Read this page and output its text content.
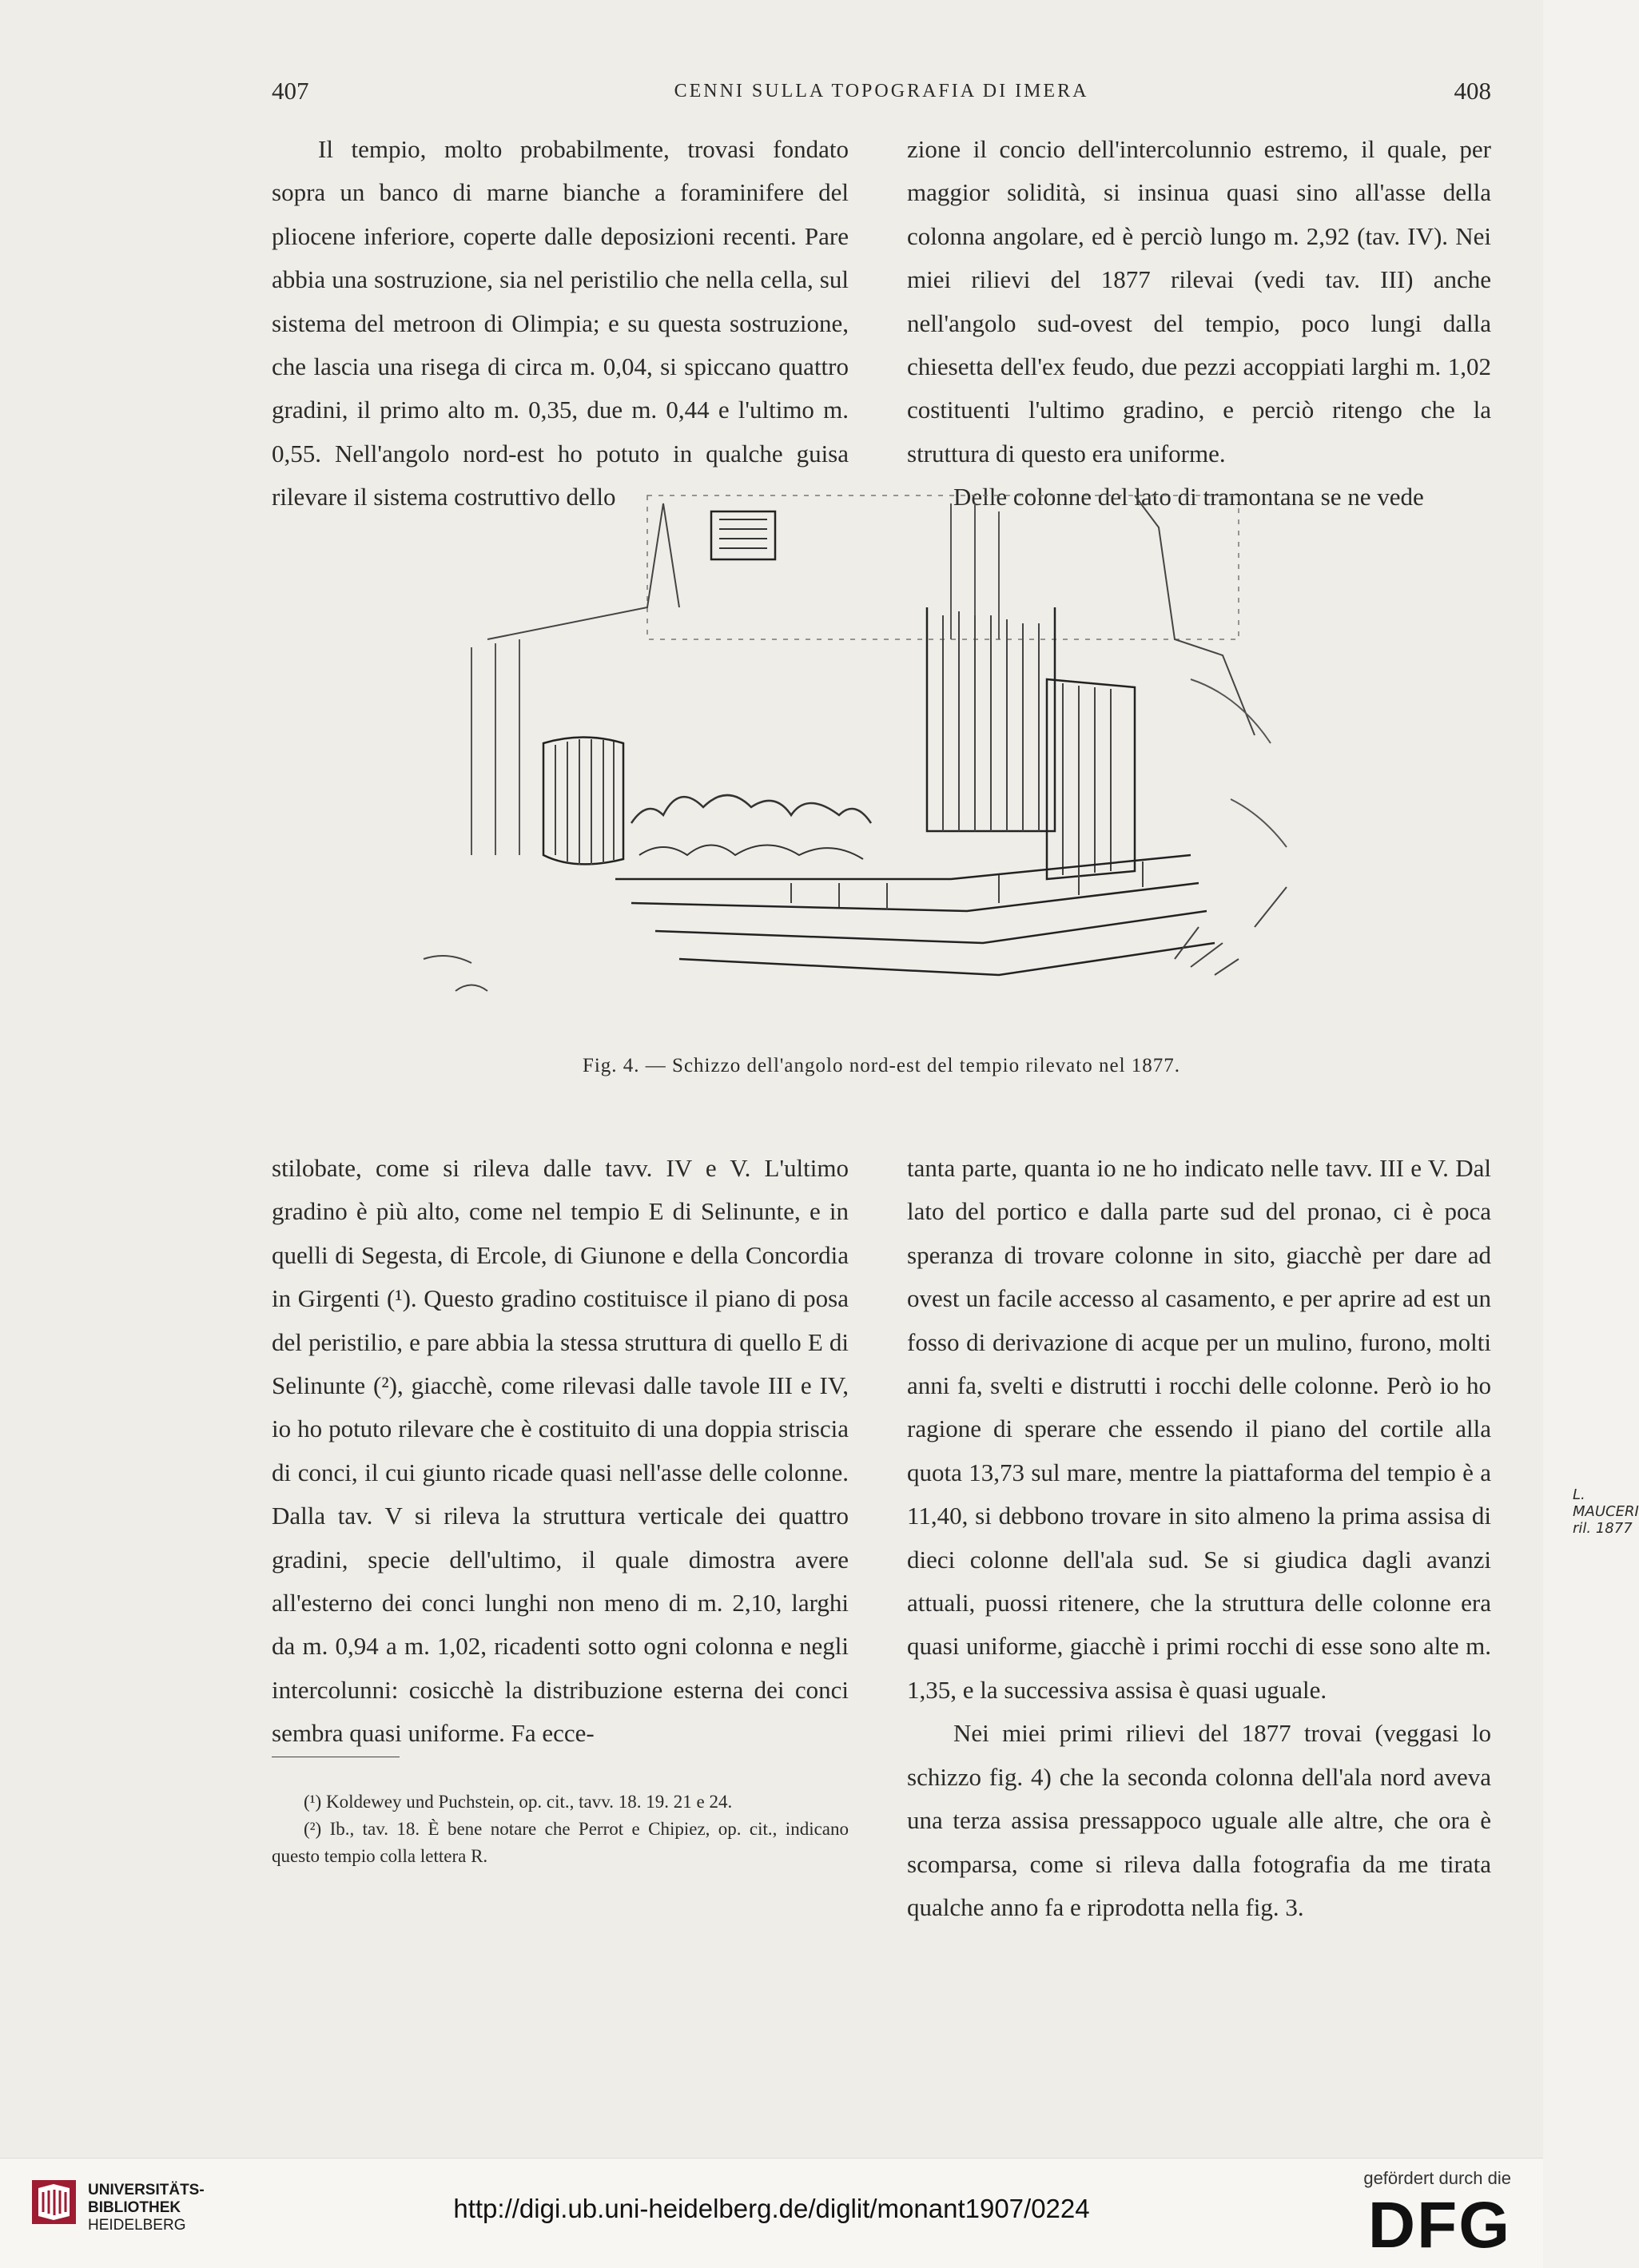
407	CENNI SULLA TOPOGRAFIA DI IMERA	408

Il tempio, molto probabilmente, trovasi fondato sopra un banco di marne bianche a foraminifere del pliocene inferiore, coperte dalle deposizioni recenti. Pare abbia una sostruzione, sia nel peristilio che nella cella, sul sistema del metroon di Olimpia; e su questa sostruzione, che lascia una risega di circa m. 0,04, si spiccano quattro gradini, il primo alto m. 0,35, due m. 0,44 e l'ultimo m. 0,55. Nell'angolo nord-est ho potuto in qualche guisa rilevare il sistema costruttivo dello

zione il concio dell'intercolunnio estremo, il quale, per maggior solidità, si insinua quasi sino all'asse della colonna angolare, ed è perciò lungo m. 2,92 (tav. IV). Nei miei rilievi del 1877 rilevai (vedi tav. III) anche nell'angolo sud-ovest del tempio, poco lungi dalla chiesetta dell'ex feudo, due pezzi accoppiati larghi m. 1,02 costituenti l'ultimo gradino, e perciò ritengo che la struttura di questo era uniforme.

Delle colonne del lato di tramontana se ne vede

L. MAUCERI ril. 1877
Fig. 4. — Schizzo dell'angolo nord-est del tempio rilevato nel 1877.

stilobate, come si rileva dalle tavv. IV e V. L'ultimo gradino è più alto, come nel tempio E di Selinunte, e in quelli di Segesta, di Ercole, di Giunone e della Concordia in Girgenti (¹). Questo gradino costituisce il piano di posa del peristilio, e pare abbia la stessa struttura di quello E di Selinunte (²), giacchè, come rilevasi dalle tavole III e IV, io ho potuto rilevare che è costituito di una doppia striscia di conci, il cui giunto ricade quasi nell'asse delle colonne. Dalla tav. V si rileva la struttura verticale dei quattro gradini, specie dell'ultimo, il quale dimostra avere all'esterno dei conci lunghi non meno di m. 2,10, larghi da m. 0,94 a m. 1,02, ricadenti sotto ogni colonna e negli intercolunni: cosicchè la distribuzione esterna dei conci sembra quasi uniforme. Fa ecce-

tanta parte, quanta io ne ho indicato nelle tavv. III e V. Dal lato del portico e dalla parte sud del pronao, ci è poca speranza di trovare colonne in sito, giacchè per dare ad ovest un facile accesso al casamento, e per aprire ad est un fosso di derivazione di acque per un mulino, furono, molti anni fa, svelti e distrutti i rocchi delle colonne. Però io ho ragione di sperare che essendo il piano del cortile alla quota 13,73 sul mare, mentre la piattaforma del tempio è a 11,40, si debbono trovare in sito almeno la prima assisa di dieci colonne dell'ala sud. Se si giudica dagli avanzi attuali, puossi ritenere, che la struttura delle colonne era quasi uniforme, giacchè i primi rocchi di esse sono alte m. 1,35, e la successiva assisa è quasi uguale.

Nei miei primi rilievi del 1877 trovai (veggasi lo schizzo fig. 4) che la seconda colonna dell'ala nord aveva una terza assisa pressappoco uguale alle altre, che ora è scomparsa, come si rileva dalla fotografia da me tirata qualche anno fa e riprodotta nella fig. 3.

(¹) Koldewey und Puchstein, op. cit., tavv. 18. 19. 21 e 24.

(²) Ib., tav. 18. È bene notare che Perrot e Chipiez, op. cit., indicano questo tempio colla lettera R.

UNIVERSITÄTS-
BIBLIOTHEK
HEIDELBERG
http://digi.ub.uni-heidelberg.de/diglit/monant1907/0224
gefördert durch die
DFG
